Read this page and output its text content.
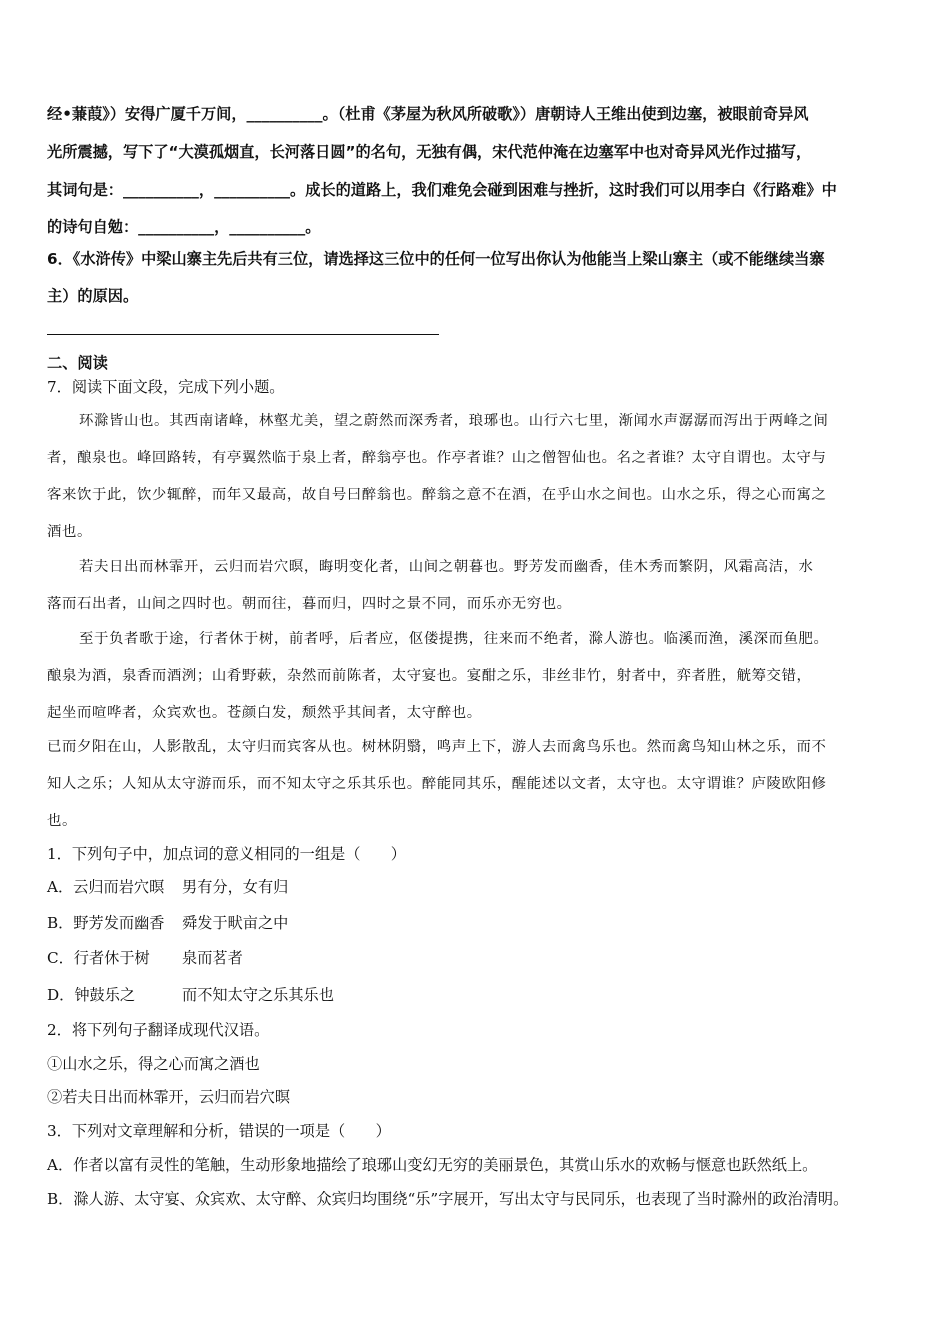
经•蒹葭》）安得广厦千万间，__________。（杜甫《茅屋为秋风所破歌》）唐朝诗人王维出使到边塞，被眼前奇异风
光所震撼，写下了“大漠孤烟直，长河落日圆”的名句，无独有偶，宋代范仲淹在边塞军中也对奇异风光作过描写，
其词句是：__________，__________。成长的道路上，我们难免会碰到困难与挫折，这时我们可以用李白《行路难》中
的诗句自勉：__________，__________。
6．《水浒传》中梁山寨主先后共有三位，请选择这三位中的任何一位写出你认为他能当上梁山寨主（或不能继续当寨
主）的原因。
二、阅读
7．阅读下面文段，完成下列小题。
环滁皆山也。其西南诸峰，林壑尤美，望之蔚然而深秀者，琅琊也。山行六七里，渐闻水声潺潺而泻出于两峰之间
者，酿泉也。峰回路转，有亭翼然临于泉上者，醉翁亭也。作亭者谁？山之僧智仙也。名之者谁？太守自谓也。太守与
客来饮于此，饮少辄醉，而年又最高，故自号曰醉翁也。醉翁之意不在酒，在乎山水之间也。山水之乐，得之心而寓之
酒也。
若夫日出而林霏开，云归而岩穴暝，晦明变化者，山间之朝暮也。野芳发而幽香，佳木秀而繁阴，风霜高洁，水
落而石出者，山间之四时也。朝而往，暮而归，四时之景不同，而乐亦无穷也。
至于负者歌于途，行者休于树，前者呼，后者应，伛偻提携，往来而不绝者，滁人游也。临溪而渔，溪深而鱼肥。
酿泉为酒，泉香而酒洌；山肴野蔌，杂然而前陈者，太守宴也。宴酣之乐，非丝非竹，射者中，弈者胜，觥筹交错，
起坐而喧哗者，众宾欢也。苍颜白发，颓然乎其间者，太守醉也。
已而夕阳在山，人影散乱，太守归而宾客从也。树林阴翳，鸣声上下，游人去而禽鸟乐也。然而禽鸟知山林之乐，而不
知人之乐；人知从太守游而乐，而不知太守之乐其乐也。醉能同其乐，醒能述以文者，太守也。太守谓谁？庐陵欧阳修
也。
1．下列句子中，加点词的意义相同的一组是（　　）
A．云归而岩穴暝 男有分，女有归
B．野芳发而幽香 舜发于畎亩之中
C．行者休于树 泉而茗者
D．钟鼓乐之	而不知太守之乐其乐也
2．将下列句子翻译成现代汉语。
①山水之乐，得之心而寓之酒也
②若夫日出而林霏开，云归而岩穴暝
3．下列对文章理解和分析，错误的一项是（　　）
A．作者以富有灵性的笔触，生动形象地描绘了琅琊山变幻无穷的美丽景色，其赏山乐水的欢畅与惬意也跃然纸上。
B．滁人游、太守宴、众宾欢、太守醉、众宾归均围绕“乐”字展开，写出太守与民同乐，也表现了当时滁州的政治清明。
